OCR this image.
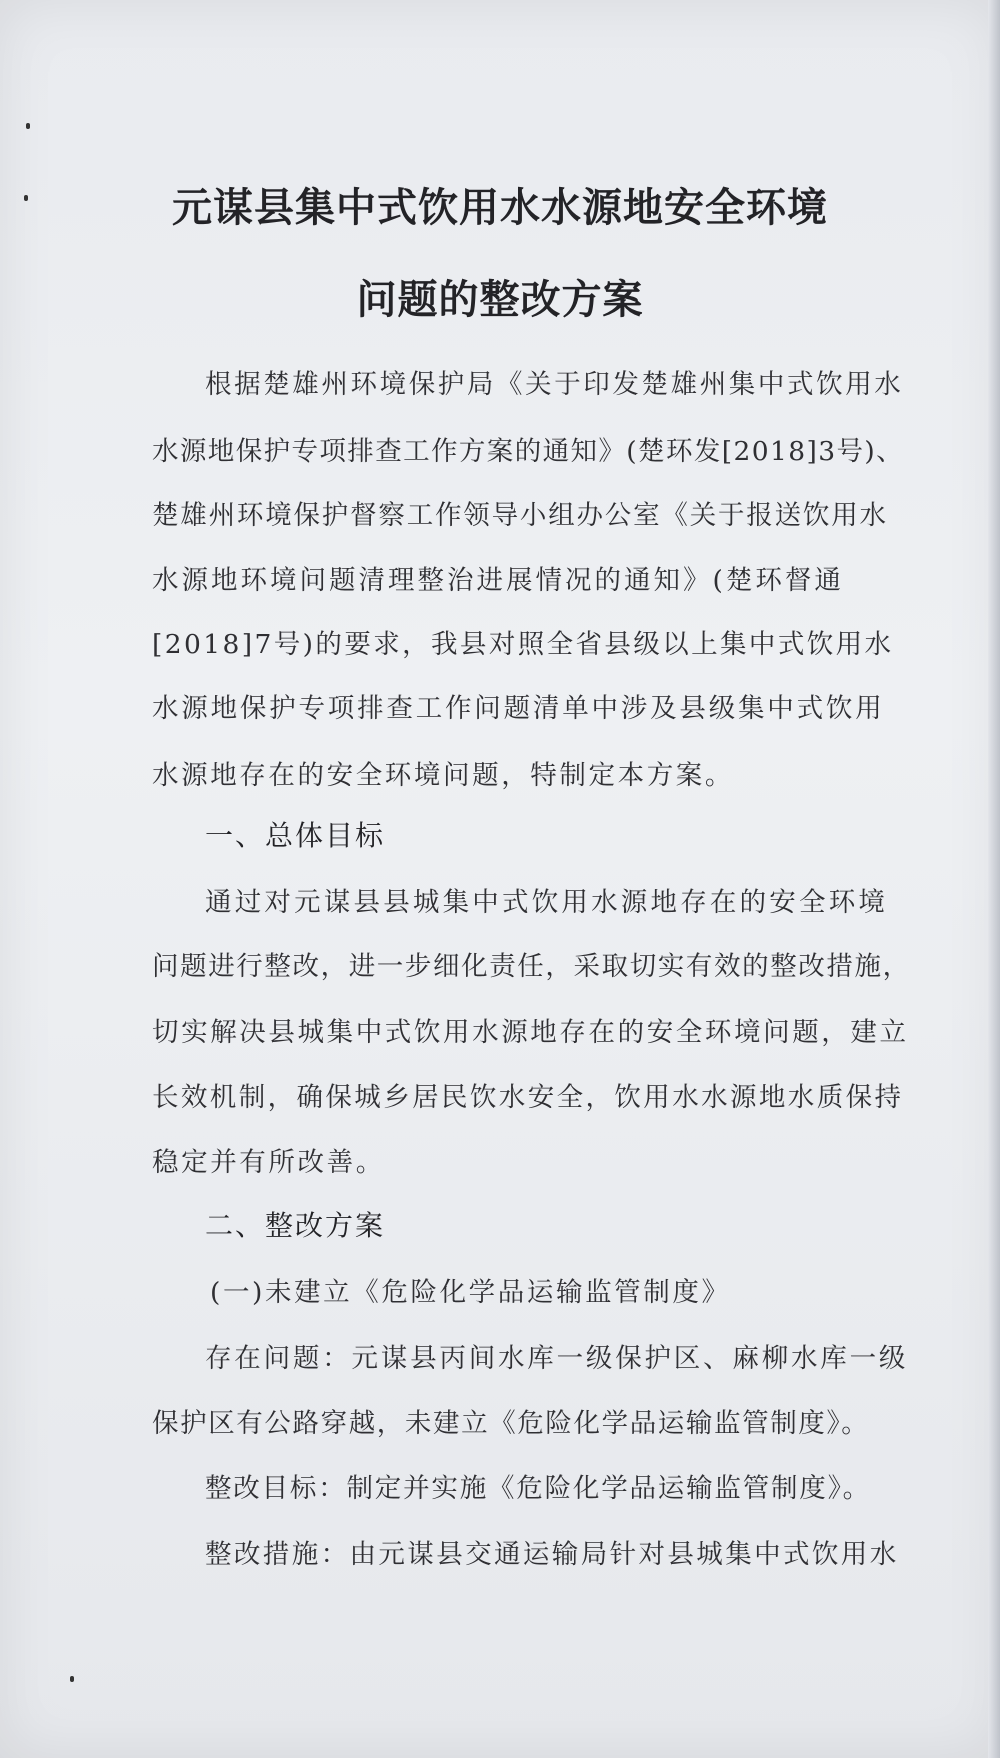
元谋县集中式饮用水水源地安全环境
问题的整改方案
根据楚雄州环境保护局《关于印发楚雄州集中式饮用水
水源地保护专项排查工作方案的通知》(楚环发[2018]3号)、
楚雄州环境保护督察工作领导小组办公室《关于报送饮用水
水源地环境问题清理整治进展情况的通知》(楚环督通
[2018]7号)的要求，我县对照全省县级以上集中式饮用水
水源地保护专项排查工作问题清单中涉及县级集中式饮用
水源地存在的安全环境问题，特制定本方案。
一、总体目标
通过对元谋县县城集中式饮用水源地存在的安全环境
问题进行整改，进一步细化责任，采取切实有效的整改措施，
切实解决县城集中式饮用水源地存在的安全环境问题，建立
长效机制，确保城乡居民饮水安全，饮用水水源地水质保持
稳定并有所改善。
二、整改方案
(一)未建立《危险化学品运输监管制度》
存在问题：元谋县丙间水库一级保护区、麻柳水库一级
保护区有公路穿越，未建立《危险化学品运输监管制度》。
整改目标：制定并实施《危险化学品运输监管制度》。
整改措施：由元谋县交通运输局针对县城集中式饮用水
